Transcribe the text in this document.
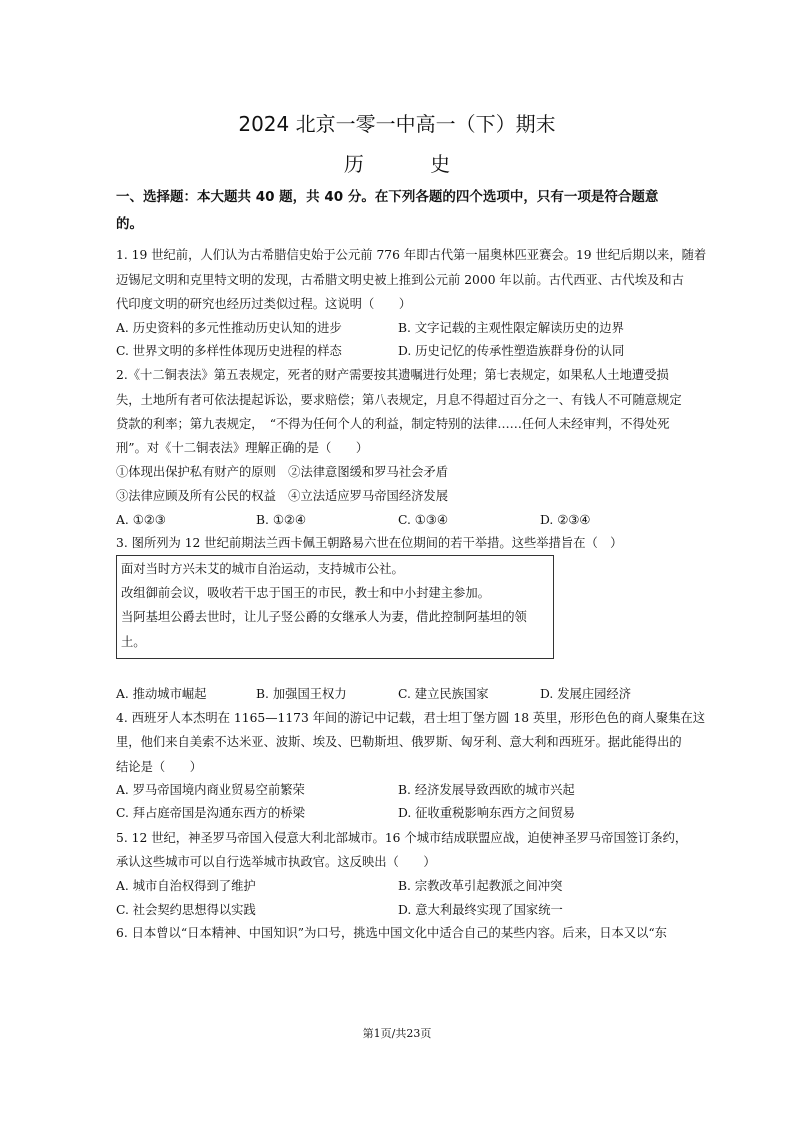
2024 北京一零一中高一（下）期末
历 史
一、选择题：本大题共 40 题，共 40 分。在下列各题的四个选项中，只有一项是符合题意
的。
1. 19 世纪前，人们认为古希腊信史始于公元前 776 年即古代第一届奥林匹亚赛会。19 世纪后期以来，随着
迈锡尼文明和克里特文明的发现，古希腊文明史被上推到公元前 2000 年以前。古代西亚、古代埃及和古
代印度文明的研究也经历过类似过程。这说明（　　）
A. 历史资料的多元性推动历史认知的进步	B. 文字记载的主观性限定解读历史的边界
C. 世界文明的多样性体现历史进程的样态	D. 历史记忆的传承性塑造族群身份的认同
2.《十二铜表法》第五表规定，死者的财产需要按其遗嘱进行处理；第七表规定，如果私人土地遭受损
失，土地所有者可依法提起诉讼，要求赔偿；第八表规定，月息不得超过百分之一、有钱人不可随意规定
贷款的利率；第九表规定，　“不得为任何个人的利益，制定特别的法律……任何人未经审判，不得处死
刑”。对《十二铜表法》理解正确的是（　　）
①体现出保护私有财产的原则　②法律意图缓和罗马社会矛盾
③法律应顾及所有公民的权益　④立法适应罗马帝国经济发展
A. ①②③	B. ①②④	C. ①③④	D. ②③④
3. 图所列为 12 世纪前期法兰西卡佩王朝路易六世在位期间的若干举措。这些举措旨在（　）
面对当时方兴未艾的城市自治运动，支持城市公社。
改组御前会议，吸收若干忠于国王的市民，教士和中小封建主参加。
当阿基坦公爵去世时，让儿子竖公爵的女继承人为妻，借此控制阿基坦的领
土。
A. 推动城市崛起	B. 加强国王权力	C. 建立民族国家	D. 发展庄园经济
4. 西班牙人本杰明在 1165—1173 年间的游记中记载，君士坦丁堡方圆 18 英里，形形色色的商人聚集在这
里，他们来自美索不达米亚、波斯、埃及、巴勒斯坦、俄罗斯、匈牙利、意大利和西班牙。据此能得出的
结论是（　　）
A. 罗马帝国境内商业贸易空前繁荣	B. 经济发展导致西欧的城市兴起
C. 拜占庭帝国是沟通东西方的桥梁	D. 征收重税影响东西方之间贸易
5. 12 世纪，神圣罗马帝国入侵意大利北部城市。16 个城市结成联盟应战，迫使神圣罗马帝国签订条约，
承认这些城市可以自行选举城市执政官。这反映出（　　）
A. 城市自治权得到了维护	B. 宗教改革引起教派之间冲突
C. 社会契约思想得以实践	D. 意大利最终实现了国家统一
6. 日本曾以“日本精神、中国知识”为口号，挑选中国文化中适合自己的某些内容。后来，日本又以“东
第1页/共23页
